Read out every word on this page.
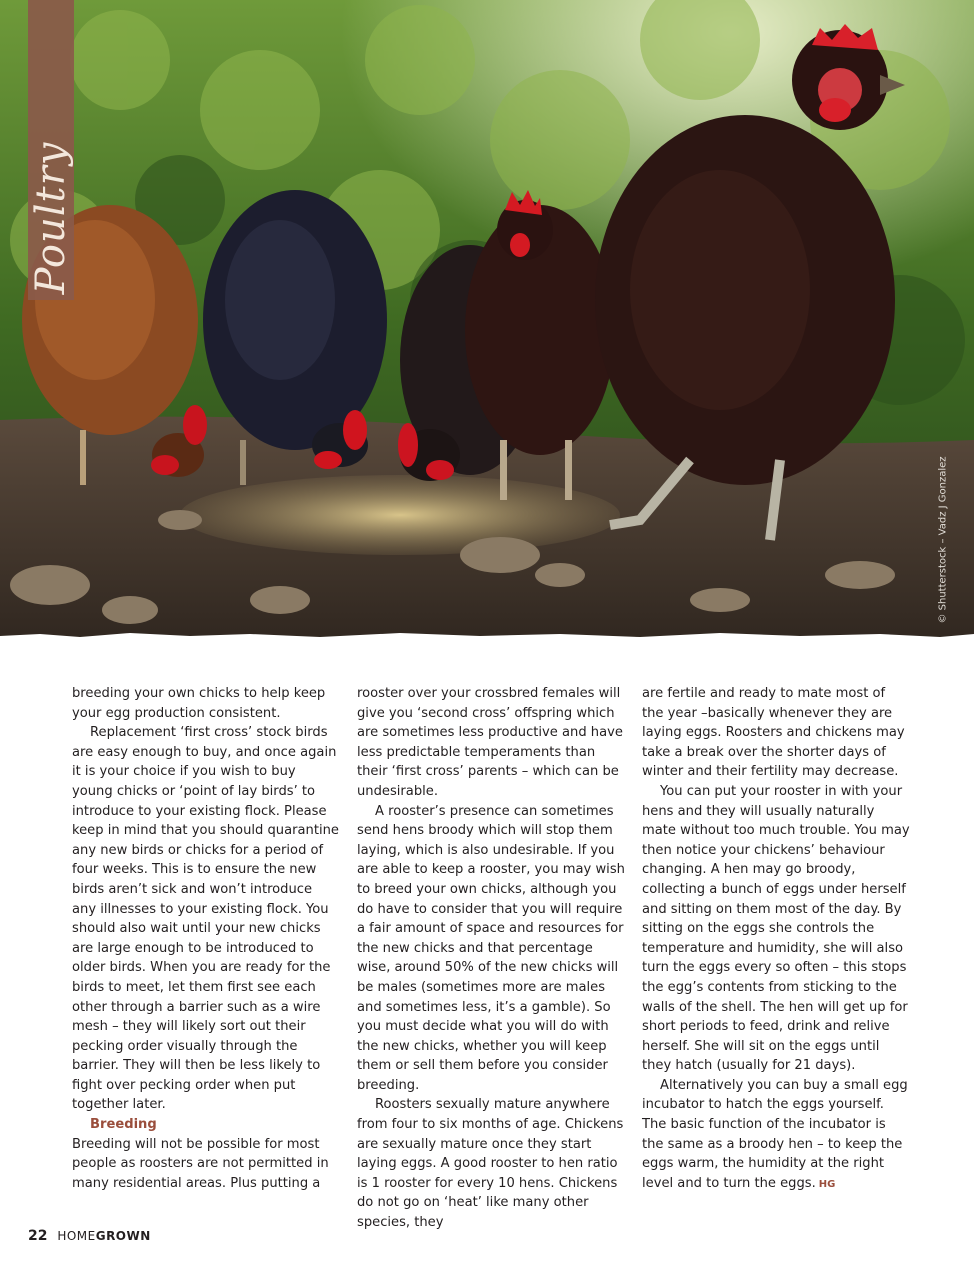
Poultry
© Shutterstock – Vadz J Gonzalez

breeding your own chicks to help keep your egg production consistent.

Replacement ‘first cross’ stock birds are easy enough to buy, and once again it is your choice if you wish to buy young chicks or ‘point of lay birds’ to introduce to your existing flock. Please keep in mind that you should quarantine any new birds or chicks for a period of four weeks. This is to ensure the new birds aren’t sick and won’t introduce any illnesses to your existing flock. You should also wait until your new chicks are large enough to be introduced to older birds. When you are ready for the birds to meet, let them first see each other through a barrier such as a wire mesh – they will likely sort out their pecking order visually through the barrier. They will then be less likely to fight over pecking order when put together later.

Breeding

Breeding will not be possible for most people as roosters are not permitted in many residential areas. Plus putting a

rooster over your crossbred females will give you ‘second cross’ offspring which are sometimes less productive and have less predictable temperaments than their ‘first cross’ parents – which can be undesirable.

A rooster’s presence can sometimes send hens broody which will stop them laying, which is also undesirable. If you are able to keep a rooster, you may wish to breed your own chicks, although you do have to consider that you will require a fair amount of space and resources for the new chicks and that percentage wise, around 50% of the new chicks will be males (sometimes more are males and sometimes less, it’s a gamble). So you must decide what you will do with the new chicks, whether you will keep them or sell them before you consider breeding.

Roosters sexually mature anywhere from four to six months of age. Chickens are sexually mature once they start laying eggs. A good rooster to hen ratio is 1 rooster for every 10 hens. Chickens do not go on ‘heat’ like many other species, they

are fertile and ready to mate most of the year –basically whenever they are laying eggs. Roosters and chickens may take a break over the shorter days of winter and their fertility may decrease.

You can put your rooster in with your hens and they will usually naturally mate without too much trouble. You may then notice your chickens’ behaviour changing. A hen may go broody, collecting a bunch of eggs under herself and sitting on them most of the day. By sitting on the eggs she controls the temperature and humidity, she will also turn the eggs every so often – this stops the egg’s contents from sticking to the walls of the shell. The hen will get up for short periods to feed, drink and relive herself. She will sit on the eggs until they hatch (usually for 21 days).

Alternatively you can buy a small egg incubator to hatch the eggs yourself. The basic function of the incubator is the same as a broody hen – to keep the eggs warm, the humidity at the right level and to turn the eggs. HG

22 HOMEGROWN
